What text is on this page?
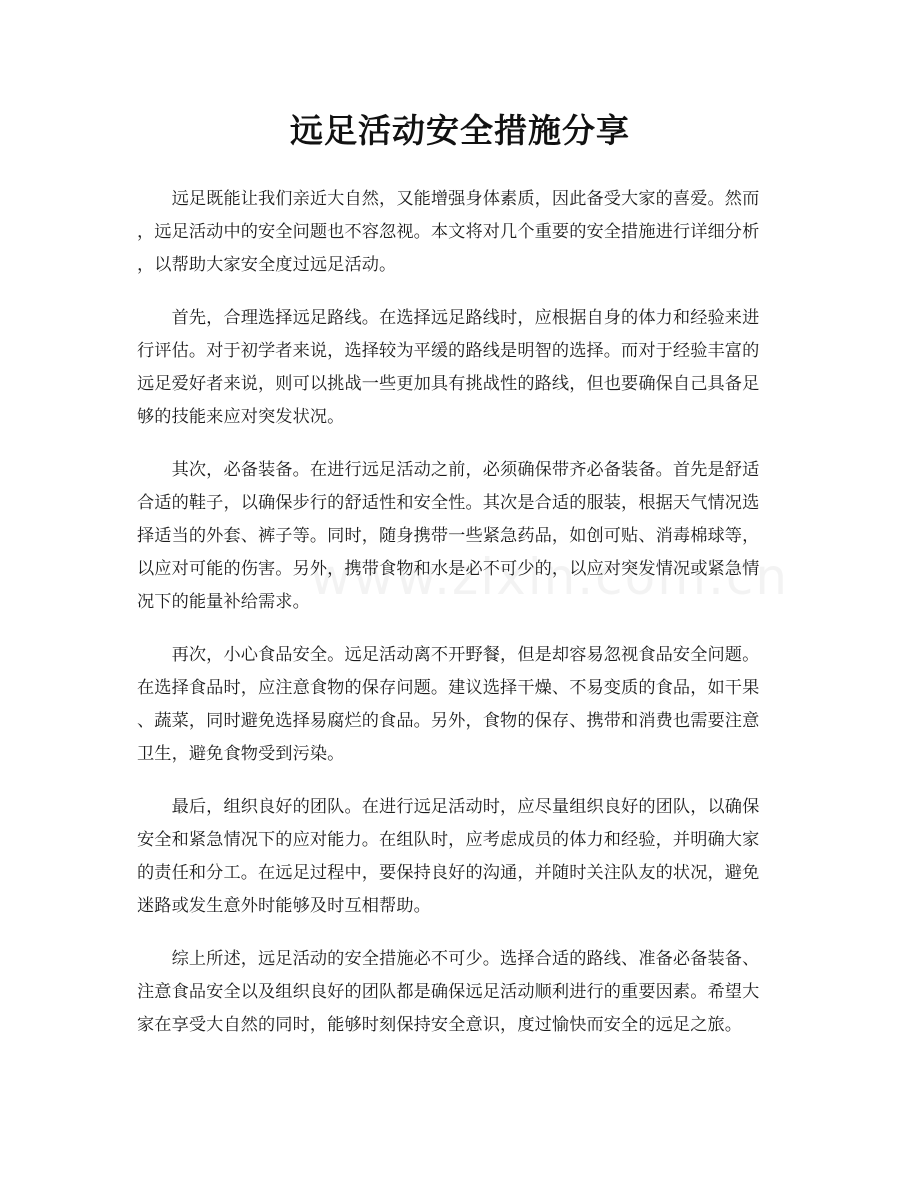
远足活动安全措施分享

　　远足既能让我们亲近大自然，又能增强身体素质，因此备受大家的喜爱。然而
，远足活动中的安全问题也不容忽视。本文将对几个重要的安全措施进行详细分析
，以帮助大家安全度过远足活动。

　　首先，合理选择远足路线。在选择远足路线时，应根据自身的体力和经验来进
行评估。对于初学者来说，选择较为平缓的路线是明智的选择。而对于经验丰富的
远足爱好者来说，则可以挑战一些更加具有挑战性的路线，但也要确保自己具备足
够的技能来应对突发状况。

　　其次，必备装备。在进行远足活动之前，必须确保带齐必备装备。首先是舒适
合适的鞋子，以确保步行的舒适性和安全性。其次是合适的服装，根据天气情况选
择适当的外套、裤子等。同时，随身携带一些紧急药品，如创可贴、消毒棉球等，
以应对可能的伤害。另外，携带食物和水是必不可少的，以应对突发情况或紧急情
况下的能量补给需求。

　　再次，小心食品安全。远足活动离不开野餐，但是却容易忽视食品安全问题。
在选择食品时，应注意食物的保存问题。建议选择干燥、不易变质的食品，如干果
、蔬菜，同时避免选择易腐烂的食品。另外，食物的保存、携带和消费也需要注意
卫生，避免食物受到污染。

　　最后，组织良好的团队。在进行远足活动时，应尽量组织良好的团队，以确保
安全和紧急情况下的应对能力。在组队时，应考虑成员的体力和经验，并明确大家
的责任和分工。在远足过程中，要保持良好的沟通，并随时关注队友的状况，避免
迷路或发生意外时能够及时互相帮助。

　　综上所述，远足活动的安全措施必不可少。选择合适的路线、准备必备装备、
注意食品安全以及组织良好的团队都是确保远足活动顺利进行的重要因素。希望大
家在享受大自然的同时，能够时刻保持安全意识，度过愉快而安全的远足之旅。
